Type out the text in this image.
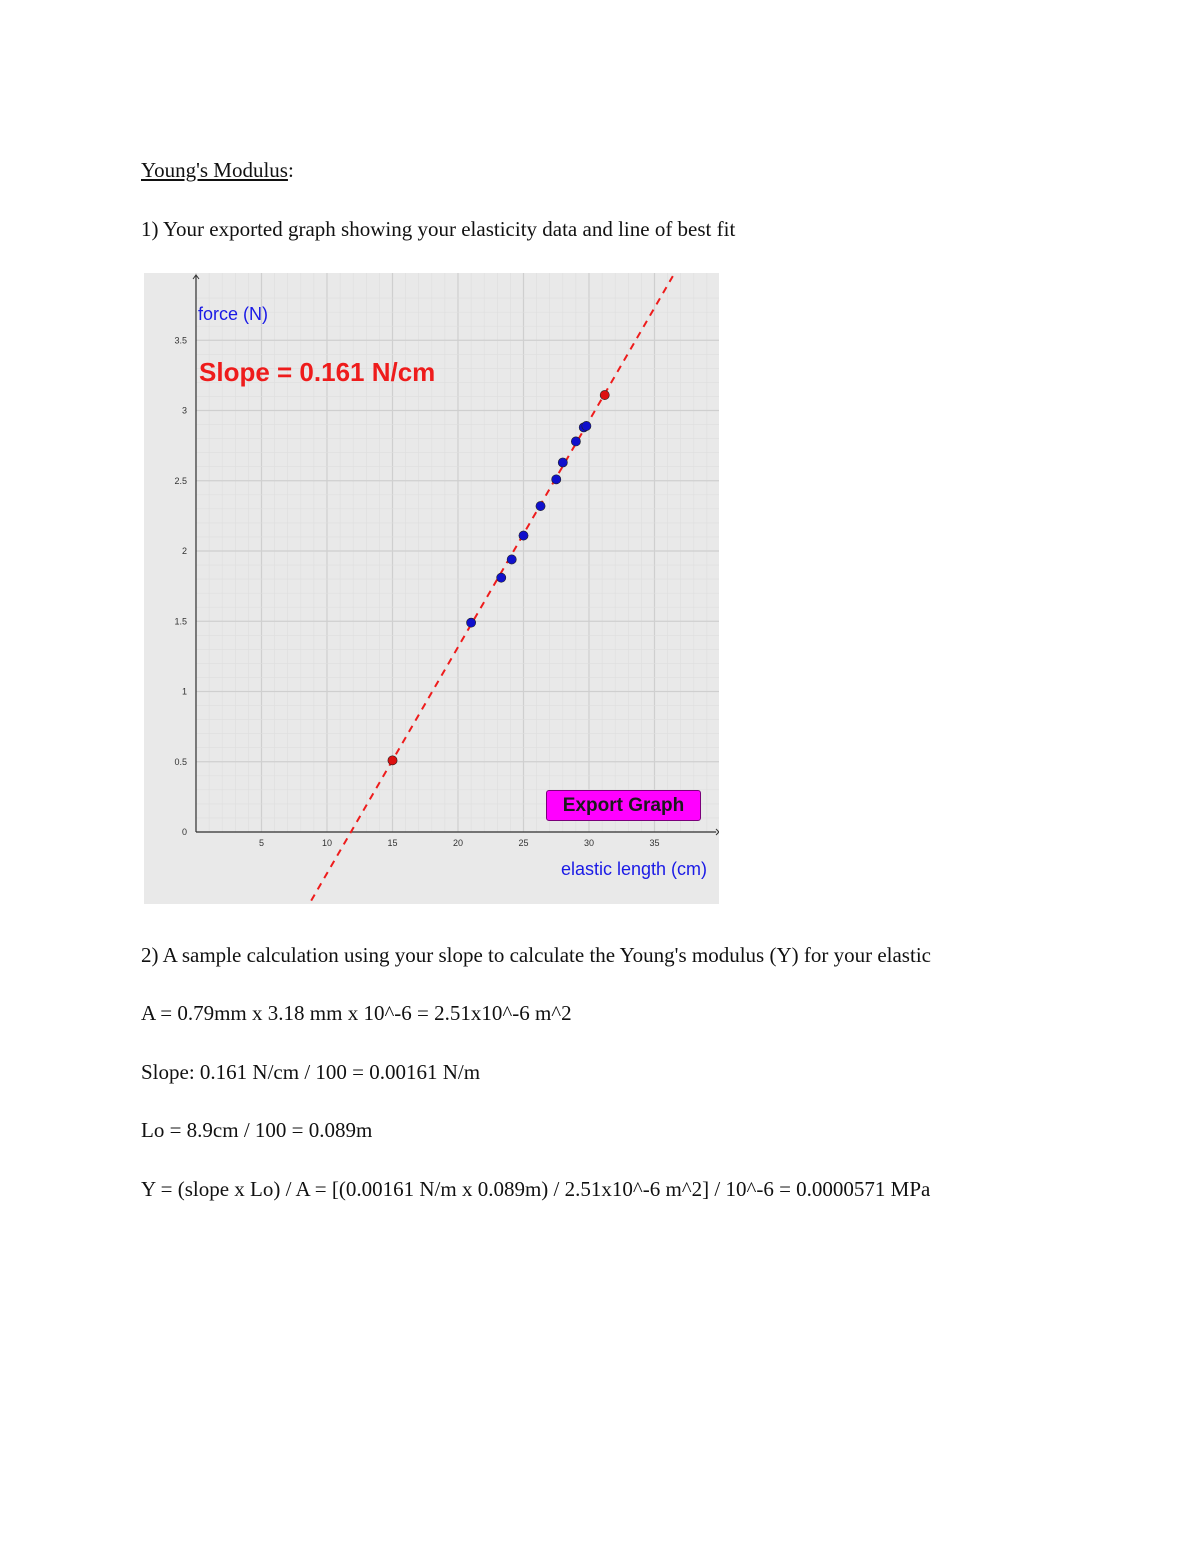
Young's Modulus:
1) Your exported graph showing your elasticity data and line of best fit
5	10	15	20	25	30	35
0.5
1
1.5
2
2.5
3
3.5
0
force (N)
Slope = 0.161 N/cm
elastic length (cm)
Export Graph
2) A sample calculation using your slope to calculate the Young's modulus (Y) for your elastic
A = 0.79mm x 3.18 mm x 10^-6 = 2.51x10^-6 m^2
Slope: 0.161 N/cm / 100 = 0.00161 N/m
Lo = 8.9cm / 100 = 0.089m
Y = (slope x Lo) / A = [(0.00161 N/m x 0.089m) / 2.51x10^-6 m^2] / 10^-6 = 0.0000571 MPa
